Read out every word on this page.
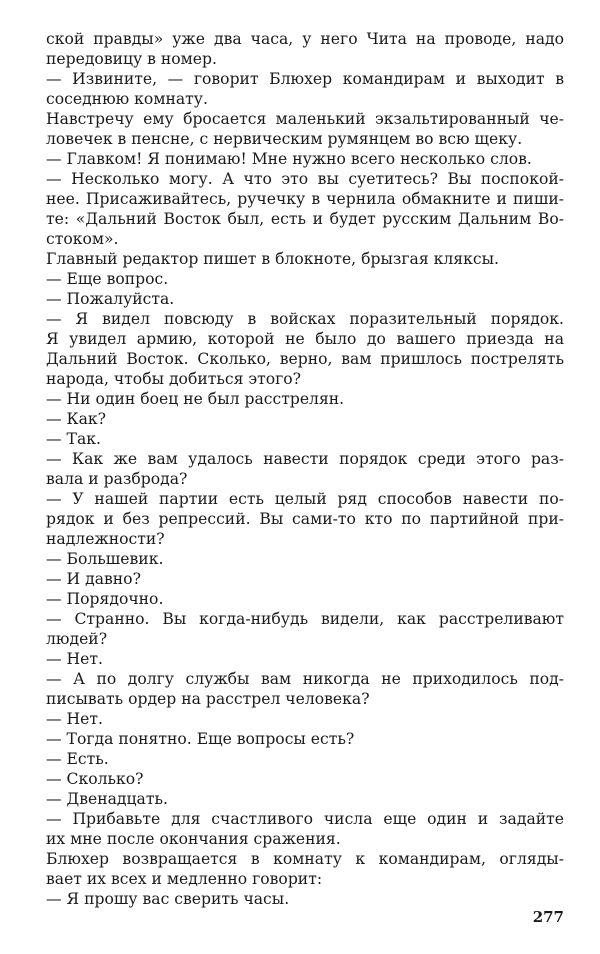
ской правды» уже два часа, у него Чита на проводе, надо

передовицу в номер.

— Извините, — говорит Блюхер командирам и выходит в

соседнюю комнату.

Навстречу ему бросается маленький экзальтированный че-

ловечек в пенсне, с нервическим румянцем во всю щеку.

— Главком! Я понимаю! Мне нужно всего несколько слов.

— Несколько могу. А что это вы суетитесь? Вы поспокой-

нее. Присаживайтесь, ручечку в чернила обмакните и пиши-

те: «Дальний Восток был, есть и будет русским Дальним Во-

стоком».

Главный редактор пишет в блокноте, брызгая кляксы.

— Еще вопрос.

— Пожалуйста.

— Я видел повсюду в войсках поразительный порядок.

Я увидел армию, которой не было до вашего приезда на

Дальний Восток. Сколько, верно, вам пришлось пострелять

народа, чтобы добиться этого?

— Ни один боец не был расстрелян.

— Как?

— Так.

— Как же вам удалось навести порядок среди этого раз-

вала и разброда?

— У нашей партии есть целый ряд способов навести по-

рядок и без репрессий. Вы сами-то кто по партийной при-

надлежности?

— Большевик.

— И давно?

— Порядочно.

— Странно. Вы когда-нибудь видели, как расстреливают

людей?

— Нет.

— А по долгу службы вам никогда не приходилось под-

писывать ордер на расстрел человека?

— Нет.

— Тогда понятно. Еще вопросы есть?

— Есть.

— Сколько?

— Двенадцать.

— Прибавьте для счастливого числа еще один и задайте

их мне после окончания сражения.

Блюхер возвращается в комнату к командирам, огляды-

вает их всех и медленно говорит:

— Я прошу вас сверить часы.

277
